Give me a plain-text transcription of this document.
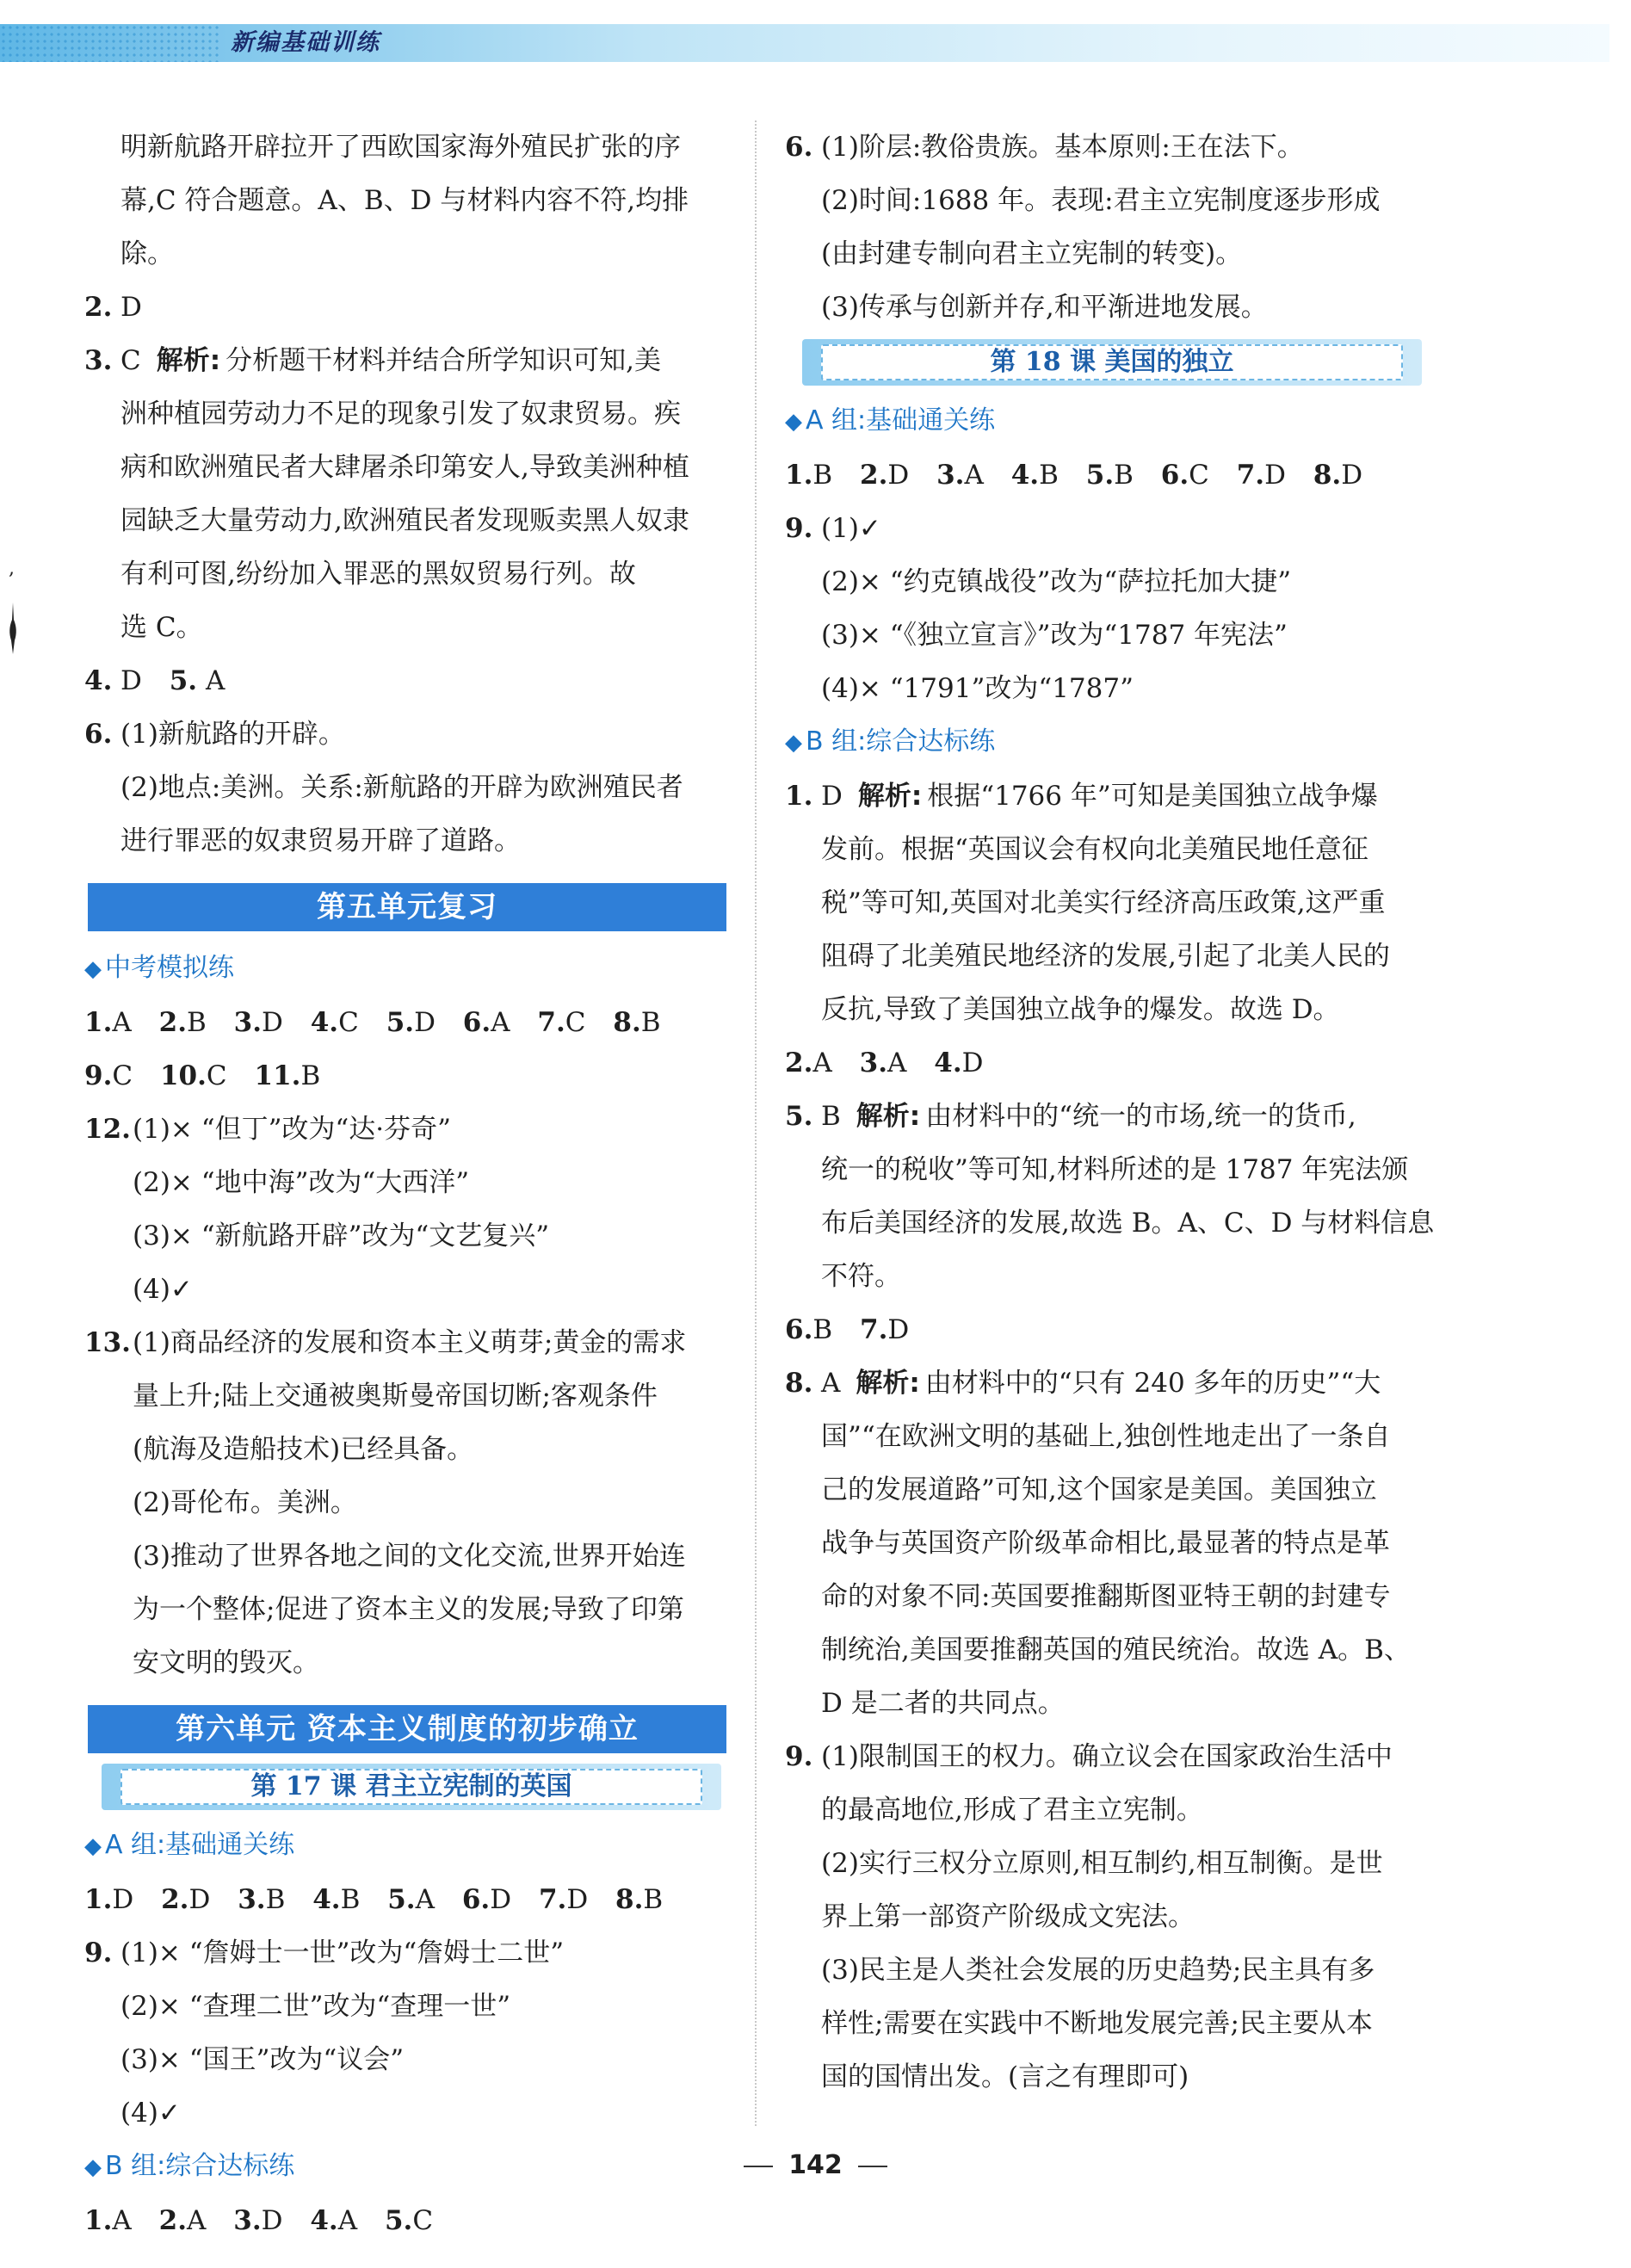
新编基础训练
,
明新航路开辟拉开了西欧国家海外殖民扩张的序
幕,C 符合题意。A、B、D 与材料内容不符,均排除。
2. D
3. C 解析: 分析题干材料并结合所学知识可知,美
洲种植园劳动力不足的现象引发了奴隶贸易。疾
病和欧洲殖民者大肆屠杀印第安人,导致美洲种植
园缺乏大量劳动力,欧洲殖民者发现贩卖黑人奴隶
有利可图,纷纷加入罪恶的黑奴贸易行列。故
选 C。
4. D 5. A
6. (1)新航路的开辟。
(2)地点:美洲。关系:新航路的开辟为欧洲殖民者
进行罪恶的奴隶贸易开辟了道路。
第五单元复习
◆ 中考模拟练
1.A 2.B 3.D 4.C 5.D 6.A 7.C 8.B
9.C 10.C 11.B
12. (1)× “但丁”改为“达·芬奇”
(2)× “地中海”改为“大西洋”
(3)× “新航路开辟”改为“文艺复兴”
(4)✓
13. (1)商品经济的发展和资本主义萌芽;黄金的需求
量上升;陆上交通被奥斯曼帝国切断;客观条件
(航海及造船技术)已经具备。
(2)哥伦布。美洲。
(3)推动了世界各地之间的文化交流,世界开始连
为一个整体;促进了资本主义的发展;导致了印第
安文明的毁灭。
第六单元 资本主义制度的初步确立
第 17 课 君主立宪制的英国
◆ A 组:基础通关练
1.D 2.D 3.B 4.B 5.A 6.D 7.D 8.B
9. (1)× “詹姆士一世”改为“詹姆士二世”
(2)× “查理二世”改为“查理一世”
(3)× “国王”改为“议会”
(4)✓
◆ B 组:综合达标练
1.A 2.A 3.D 4.A 5.C
6. (1)阶层:教俗贵族。基本原则:王在法下。
(2)时间:1688 年。表现:君主立宪制度逐步形成
(由封建专制向君主立宪制的转变)。
(3)传承与创新并存,和平渐进地发展。
第 18 课 美国的独立
◆ A 组:基础通关练
1.B 2.D 3.A 4.B 5.B 6.C 7.D 8.D
9. (1)✓
(2)× “约克镇战役”改为“萨拉托加大捷”
(3)× “《独立宣言》”改为“1787 年宪法”
(4)× “1791”改为“1787”
◆ B 组:综合达标练
1. D 解析: 根据“1766 年”可知是美国独立战争爆
发前。根据“英国议会有权向北美殖民地任意征
税”等可知,英国对北美实行经济高压政策,这严重
阻碍了北美殖民地经济的发展,引起了北美人民的
反抗,导致了美国独立战争的爆发。故选 D。
2.A 3.A 4.D
5. B 解析: 由材料中的“统一的市场,统一的货币,
统一的税收”等可知,材料所述的是 1787 年宪法颁
布后美国经济的发展,故选 B。A、C、D 与材料信息
不符。
6.B 7.D
8. A 解析: 由材料中的“只有 240 多年的历史”“大
国”“在欧洲文明的基础上,独创性地走出了一条自
己的发展道路”可知,这个国家是美国。美国独立
战争与英国资产阶级革命相比,最显著的特点是革
命的对象不同:英国要推翻斯图亚特王朝的封建专
制统治,美国要推翻英国的殖民统治。故选 A。B、
D 是二者的共同点。
9. (1)限制国王的权力。确立议会在国家政治生活中
的最高地位,形成了君主立宪制。
(2)实行三权分立原则,相互制约,相互制衡。是世
界上第一部资产阶级成文宪法。
(3)民主是人类社会发展的历史趋势;民主具有多
样性;需要在实践中不断地发展完善;民主要从本
国的国情出发。(言之有理即可)
142
